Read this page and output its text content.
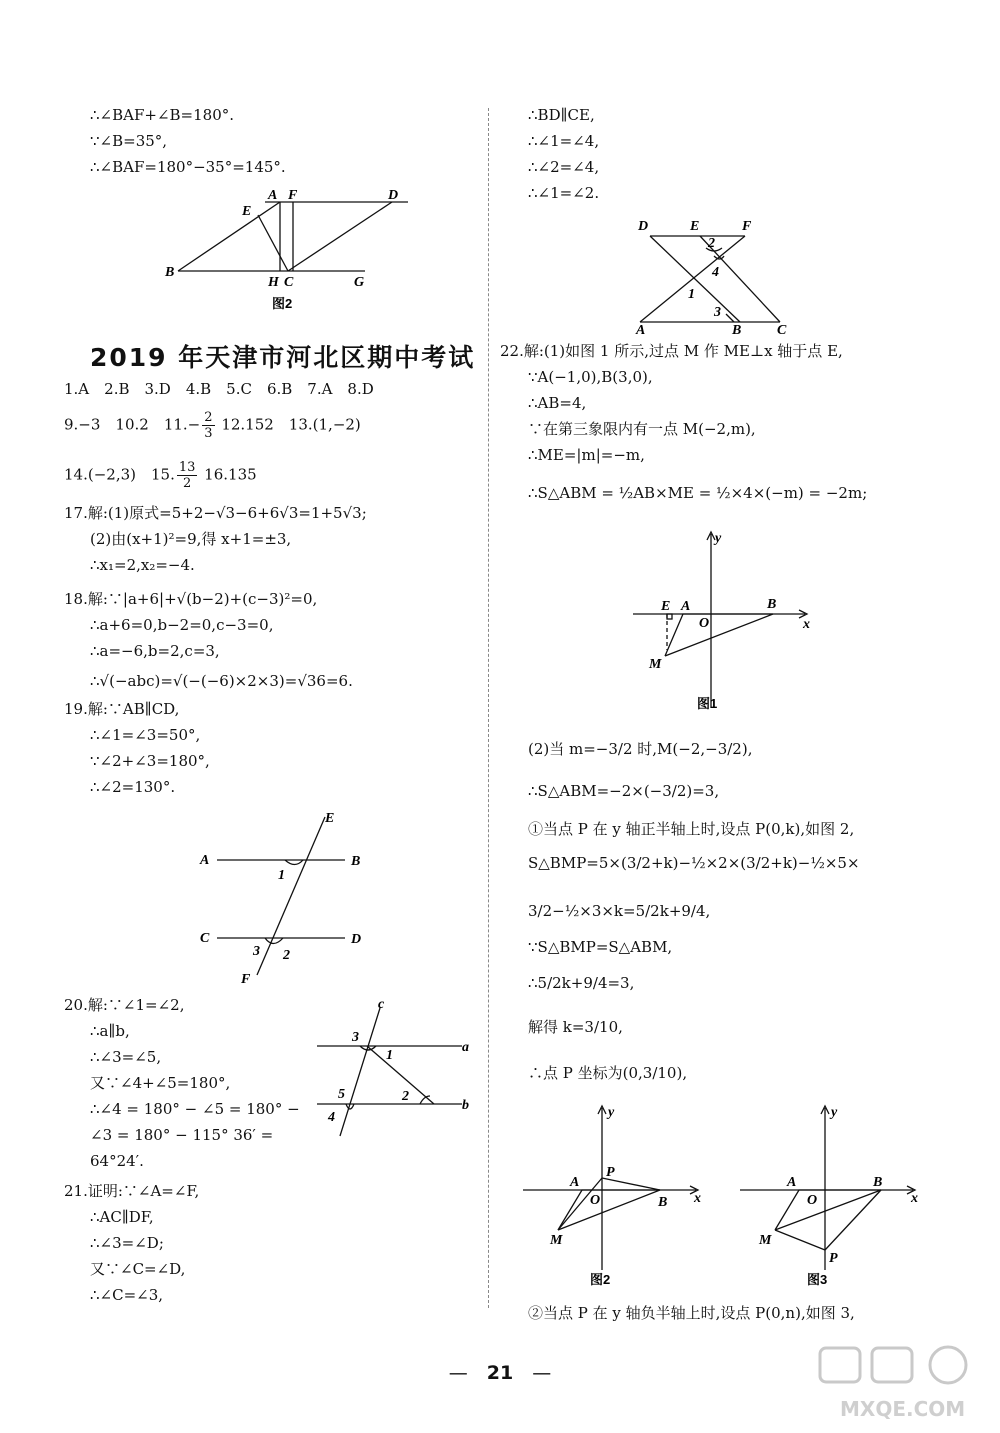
∴∠BAF+∠B=180°.
∵∠B=35°,
∴∠BAF=180°−35°=145°.
A F	D
E
B
H C	G
图2
2019 年天津市河北区期中考试
1.A　2.B　3.D　4.B　5.C　6.B　7.A　8.D
9.−3　10.2　$11.- \frac{2}{3} 12.152$　13.(1,−2)
14.(−2,3)　15. $\frac{13}{2} 16.135$
17.解:(1)原式=5+2−√3−6+6√3=1+5√3;
(2)由(x+1)²=9,得 x+1=±3,
∴x₁=2,x₂=−4.
18.解:∵|a+6|+√(b−2)+(c−3)²=0,
∴a+6=0,b−2=0,c−3=0,
∴a=−6,b=2,c=3,
∴√(−abc)=√(−(−6)×2×3)=√36=6.
19.解:∵AB∥CD,
∴∠1=∠3=50°,
∵∠2+∠3=180°,
∴∠2=130°.
E
A	B
1
C	D
3 2
F
20.解:∵∠1=∠2,
∴a∥b,
∴∠3=∠5,
又∵∠4+∠5=180°,
∴∠4 = 180° − ∠5 = 180° −
∠3 = 180° − 115° 36′ =
64°24′.
c
3
1
a
5	2
b
4
21.证明:∵∠A=∠F,
∴AC∥DF,
∴∠3=∠D;
又∵∠C=∠D,
∴∠C=∠3,
∴BD∥CE,
∴∠1=∠4,
∴∠2=∠4,
∴∠1=∠2.
D	E	F
2
4
1
3
A	B	C
22.解:(1)如图 1 所示,过点 M 作 ME⊥x 轴于点 E,
∵A(−1,0),B(3,0),
∴AB=4,
∵在第三象限内有一点 M(−2,m),
∴ME=|m|=−m,
∴S△ABM = ½AB×ME = ½×4×(−m) = −2m;
y
E A	B
O	x
M
图1
(2)当 m=−3/2 时,M(−2,−3/2),
∴S△ABM=−2×(−3/2)=3,
①当点 P 在 y 轴正半轴上时,设点 P(0,k),如图 2,
S△BMP=5×(3/2+k)−½×2×(3/2+k)−½×5×
3/2−½×3×k=5/2k+9/4,
∵S△BMP=S△ABM,
∴5/2k+9/4=3,
解得 k=3/10,
∴点 P 坐标为(0,3/10),
y
P
A
O	B x
M
图2
y
A
O
B
x
M
P
图3
②当点 P 在 y 轴负半轴上时,设点 P(0,n),如图 3,
—　21　—
MXQE.COM
